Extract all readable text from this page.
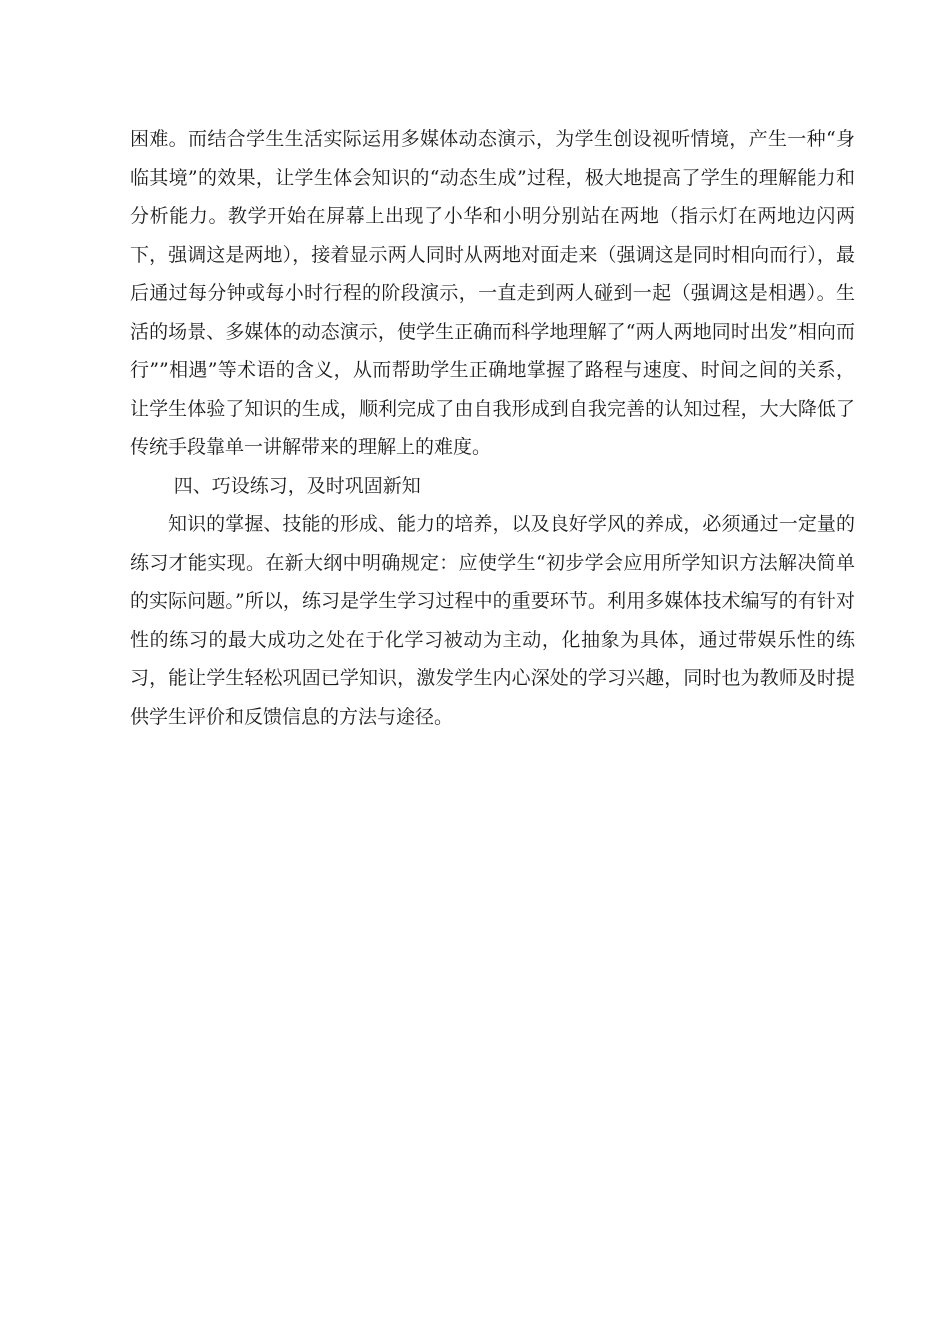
困难。而结合学生生活实际运用多媒体动态演示，为学生创设视听情境，产生一种“身临其境”的效果，让学生体会知识的“动态生成”过程，极大地提高了学生的理解能力和分析能力。教学开始在屏幕上出现了小华和小明分别站在两地（指示灯在两地边闪两下，强调这是两地），接着显示两人同时从两地对面走来（强调这是同时相向而行），最后通过每分钟或每小时行程的阶段演示，一直走到两人碰到一起（强调这是相遇）。生活的场景、多媒体的动态演示，使学生正确而科学地理解了“两人两地同时出发”相向而行””相遇”等术语的含义，从而帮助学生正确地掌握了路程与速度、时间之间的关系，让学生体验了知识的生成，顺利完成了由自我形成到自我完善的认知过程，大大降低了传统手段靠单一讲解带来的理解上的难度。

四、巧设练习，及时巩固新知

知识的掌握、技能的形成、能力的培养，以及良好学风的养成，必须通过一定量的练习才能实现。在新大纲中明确规定：应使学生“初步学会应用所学知识方法解决简单的实际问题。”所以，练习是学生学习过程中的重要环节。利用多媒体技术编写的有针对性的练习的最大成功之处在于化学习被动为主动，化抽象为具体，通过带娱乐性的练习，能让学生轻松巩固已学知识，激发学生内心深处的学习兴趣，同时也为教师及时提供学生评价和反馈信息的方法与途径。
